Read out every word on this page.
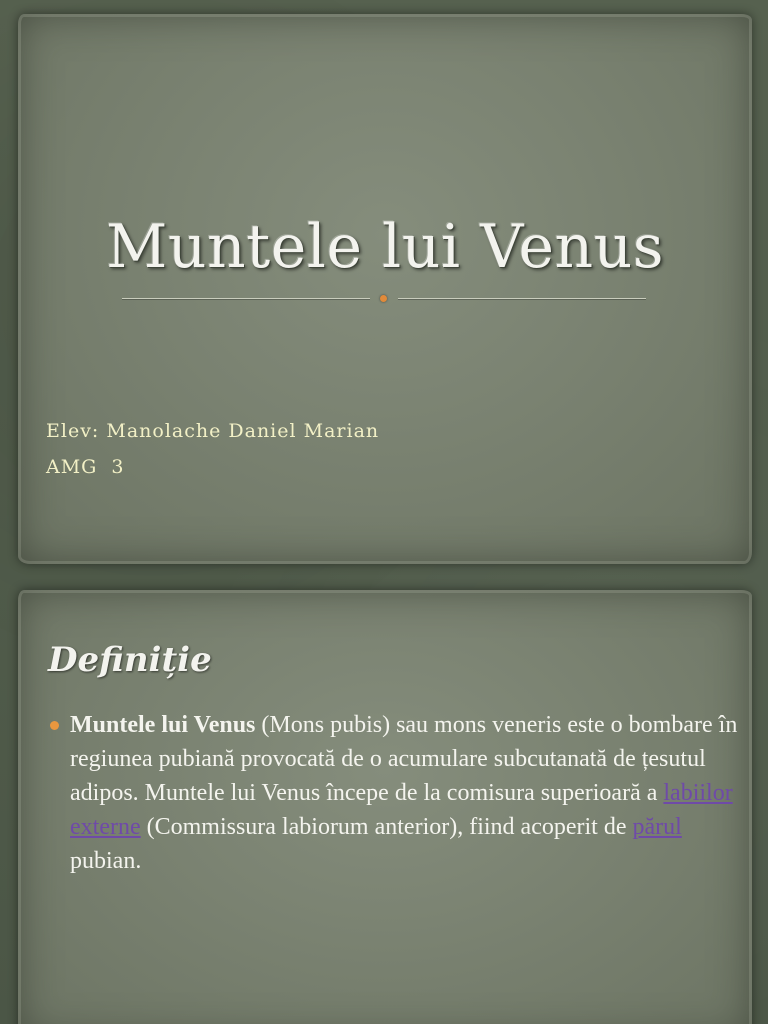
Muntele lui Venus
Elev: Manolache Daniel Marian
AMG  3
Definiție
Muntele lui Venus (Mons pubis) sau mons veneris este o bombare în regiunea pubiană provocată de o acumulare subcutanată de țesutul adipos. Muntele lui Venus începe de la comisura superioară a labiilor externe (Commissura labiorum anterior), fiind acoperit de părul pubian.
